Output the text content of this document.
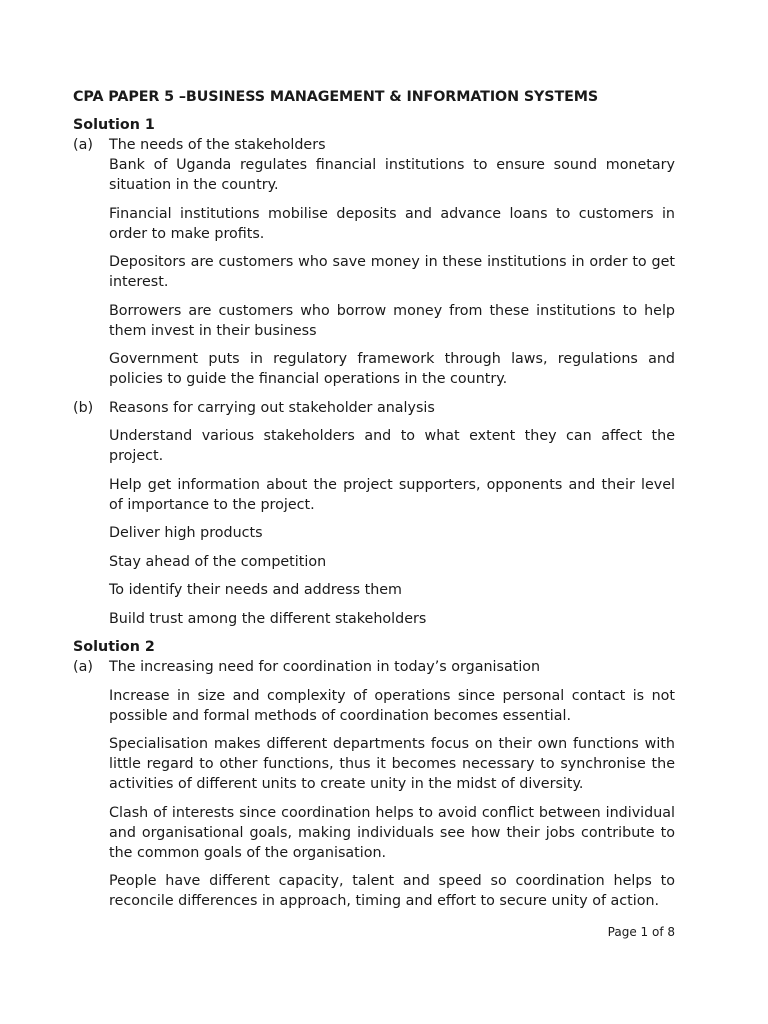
CPA PAPER 5 –BUSINESS MANAGEMENT & INFORMATION SYSTEMS
Solution 1
(a) The needs of the stakeholders

Bank of Uganda regulates financial institutions to ensure sound monetary situation in the country.

Financial institutions mobilise deposits and advance loans to customers in order to make profits.

Depositors are customers who save money in these institutions in order to get interest.

Borrowers are customers who borrow money from these institutions to help them invest in their business

Government puts in regulatory framework through laws, regulations and policies to guide the financial operations in the country.

(b) Reasons for carrying out stakeholder analysis

Understand various stakeholders and to what extent they can affect the project.

Help get information about the project supporters, opponents and their level of importance to the project.

Deliver high products

Stay ahead of the competition

To identify their needs and address them

Build trust among the different stakeholders

Solution 2
(a) The increasing need for coordination in today’s organisation

Increase in size and complexity of operations since personal contact is not possible and formal methods of coordination becomes essential.

Specialisation makes different departments focus on their own functions with little regard to other functions, thus it becomes necessary to synchronise the activities of different units to create unity in the midst of diversity.

Clash of interests since coordination helps to avoid conflict between individual and organisational goals, making individuals see how their jobs contribute to the common goals of the organisation.

People have different capacity, talent and speed so coordination helps to reconcile differences in approach, timing and effort to secure unity of action.

Page 1 of 8
